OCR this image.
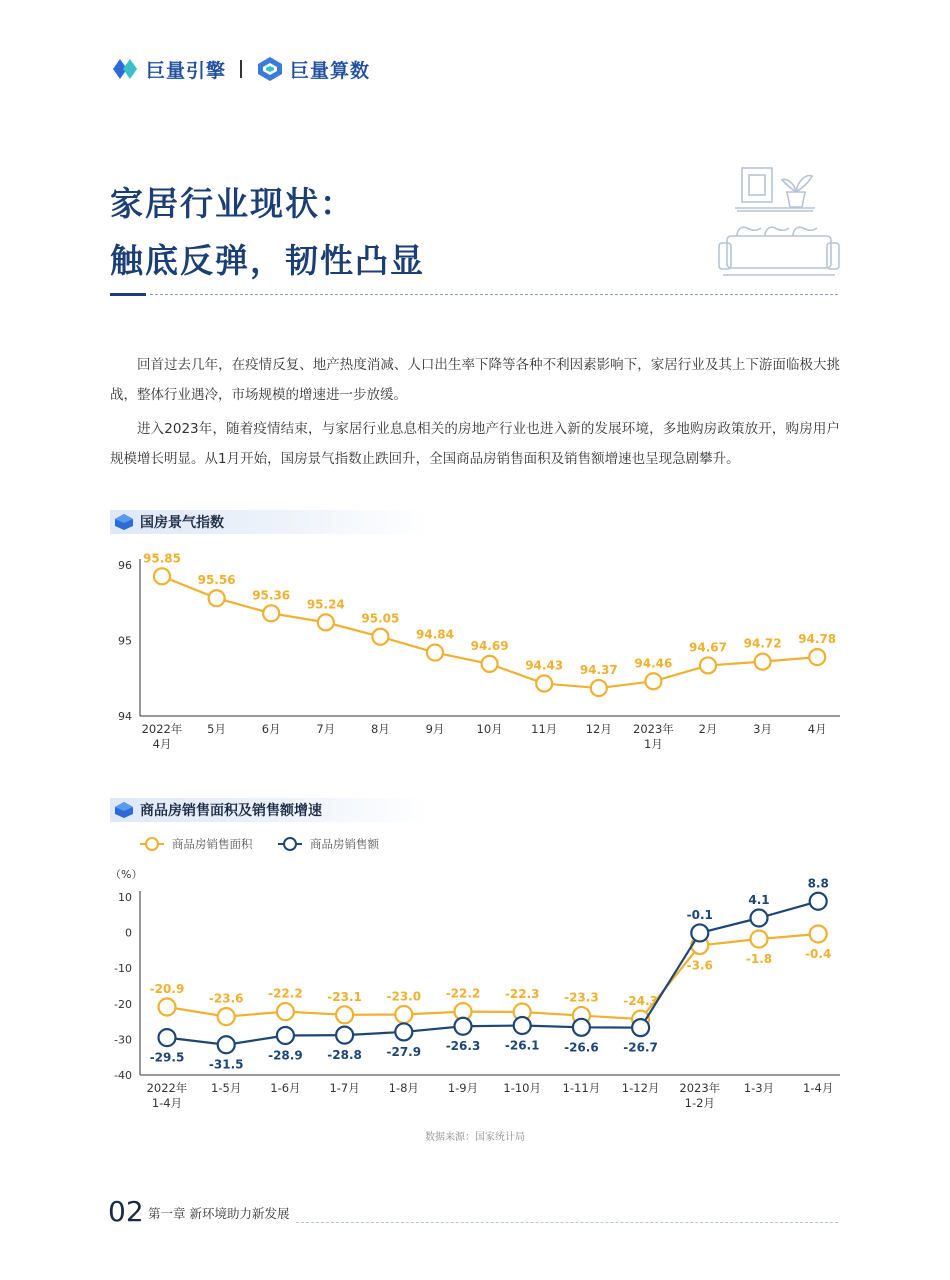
巨量引擎	巨量算数
家居行业现状：
触底反弹，韧性凸显
回首过去几年，在疫情反复、地产热度消减、人口出生率下降等各种不利因素影响下，家居行业及其上下游面临极大挑战，整体行业遇冷，市场规模的增速进一步放缓。
进入2023年，随着疫情结束，与家居行业息息相关的房地产行业也进入新的发展环境，多地购房政策放开，购房用户规模增长明显。从1月开始，国房景气指数止跌回升，全国商品房销售面积及销售额增速也呈现急剧攀升。
国房景气指数
96
95
94
2022年
4月
5月	6月	7月	8月	9月	10月 11月 12月 2023年
1月
2月	3月	4月
95.85
95.56
95.36
95.24
95.05
94.84
94.69
94.43 94.37 94.46
94.67 94.72 94.78
商品房销售面积及销售额增速
（%）
商品房销售面积	商品房销售额
10
0
-10
-20
-30
-40
2022年
1-4月
1-5月	1-6月	1-7月	1-8月	1-9月 1-10月 1-11月 1-12月 2023年
1-2月
1-3月	1-4月
-20.9
-23.6 -22.2 -23.1 -23.0 -22.2 -22.3 -23.3 -24.3
-3.6	-1.8	-0.4
-29.5
-31.5
-28.9 -28.8 -27.9 -26.3 -26.1 -26.6 -26.7
-0.1
4.1
8.8
数据来源：国家统计局
02 第一章 新环境助力新发展
